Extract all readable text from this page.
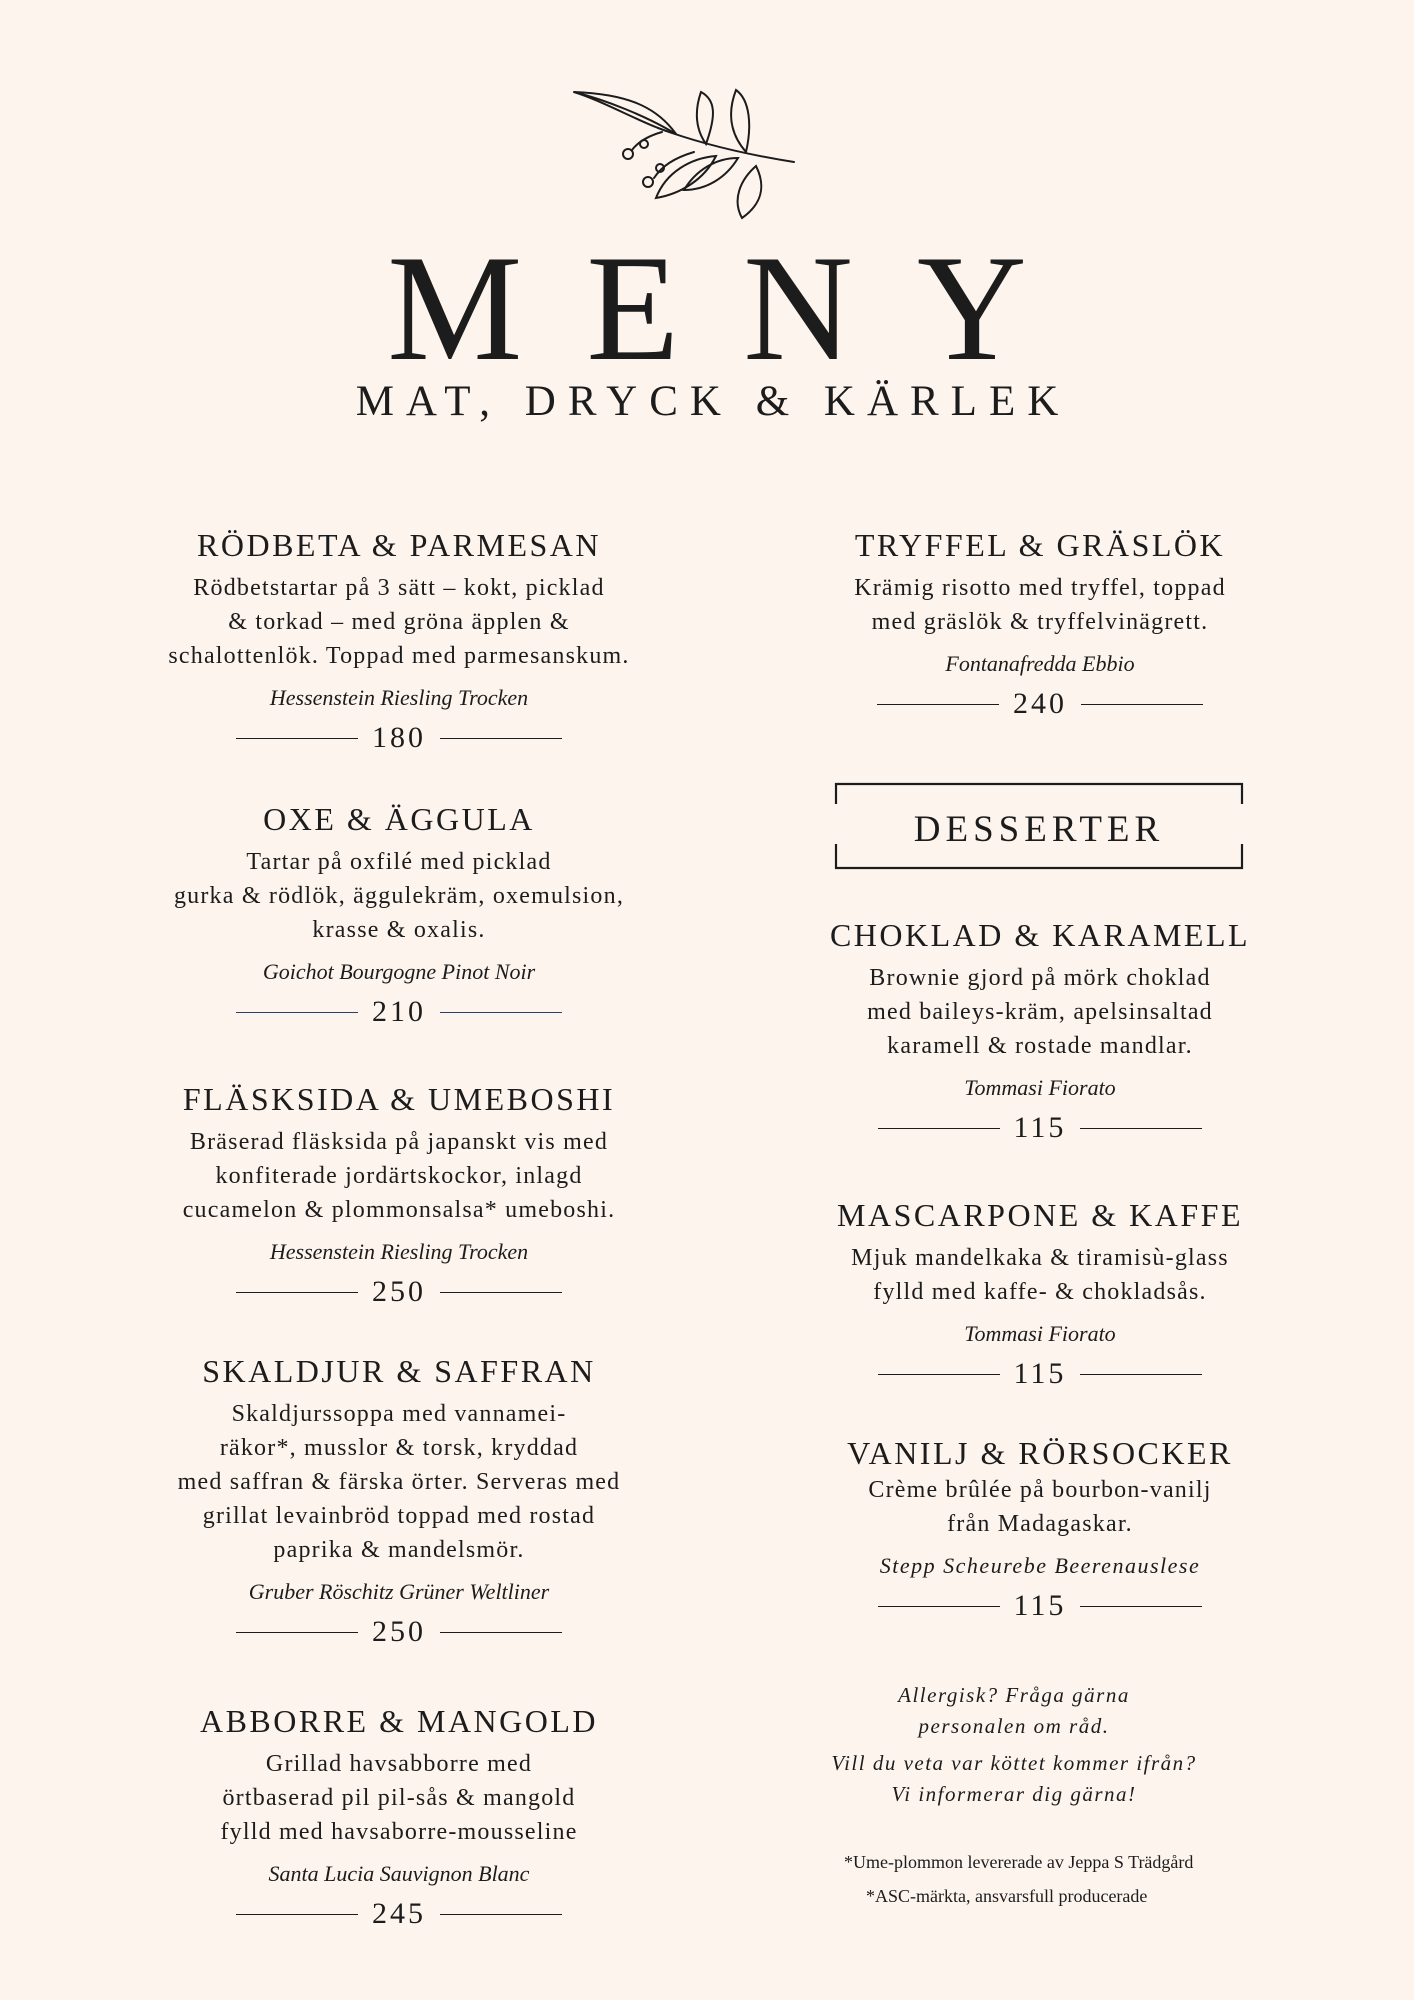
MENY
MAT, DRYCK & KÄRLEK

RÖDBETA & PARMESAN

Rödbetstartar på 3 sätt – kokt, picklad
& torkad – med gröna äpplen &
schalottenlök. Toppad med parmesanskum.

Hessenstein Riesling Trocken

180

OXE & ÄGGULA

Tartar på oxfilé med picklad
gurka & rödlök, äggulekräm, oxemulsion,
krasse & oxalis.

Goichot Bourgogne Pinot Noir

210

FLÄSKSIDA & UMEBOSHI

Bräserad fläsksida på japanskt vis med
konfiterade jordärtskockor, inlagd
cucamelon & plommonsalsa* umeboshi.

Hessenstein Riesling Trocken

250

SKALDJUR & SAFFRAN

Skaldjurssoppa med vannamei-
räkor*, musslor & torsk, kryddad
med saffran & färska örter. Serveras med
grillat levainbröd toppad med rostad
paprika & mandelsmör.

Gruber Röschitz Grüner Weltliner

250

ABBORRE & MANGOLD

Grillad havsabborre med
örtbaserad pil pil-sås & mangold
fylld med havsaborre-mousseline

Santa Lucia Sauvignon Blanc

245

TRYFFEL & GRÄSLÖK

Krämig risotto med tryffel, toppad
med gräslök & tryffelvinägrett.

Fontanafredda Ebbio

240
DESSERTER

CHOKLAD & KARAMELL

Brownie gjord på mörk choklad
med baileys-kräm, apelsinsaltad
karamell & rostade mandlar.

Tommasi Fiorato

115

MASCARPONE & KAFFE

Mjuk mandelkaka & tiramisù-glass
fylld med kaffe- & chokladsås.

Tommasi Fiorato

115

VANILJ & RÖRSOCKER

Crème brûlée på bourbon-vanilj
från Madagaskar.

Stepp Scheurebe Beerenauslese

115

Allergisk? Fråga gärna
personalen om råd.

Vill du veta var köttet kommer ifrån?
Vi informerar dig gärna!

*Ume-plommon levererade av Jeppa S Trädgård
*ASC-märkta, ansvarsfull producerade
